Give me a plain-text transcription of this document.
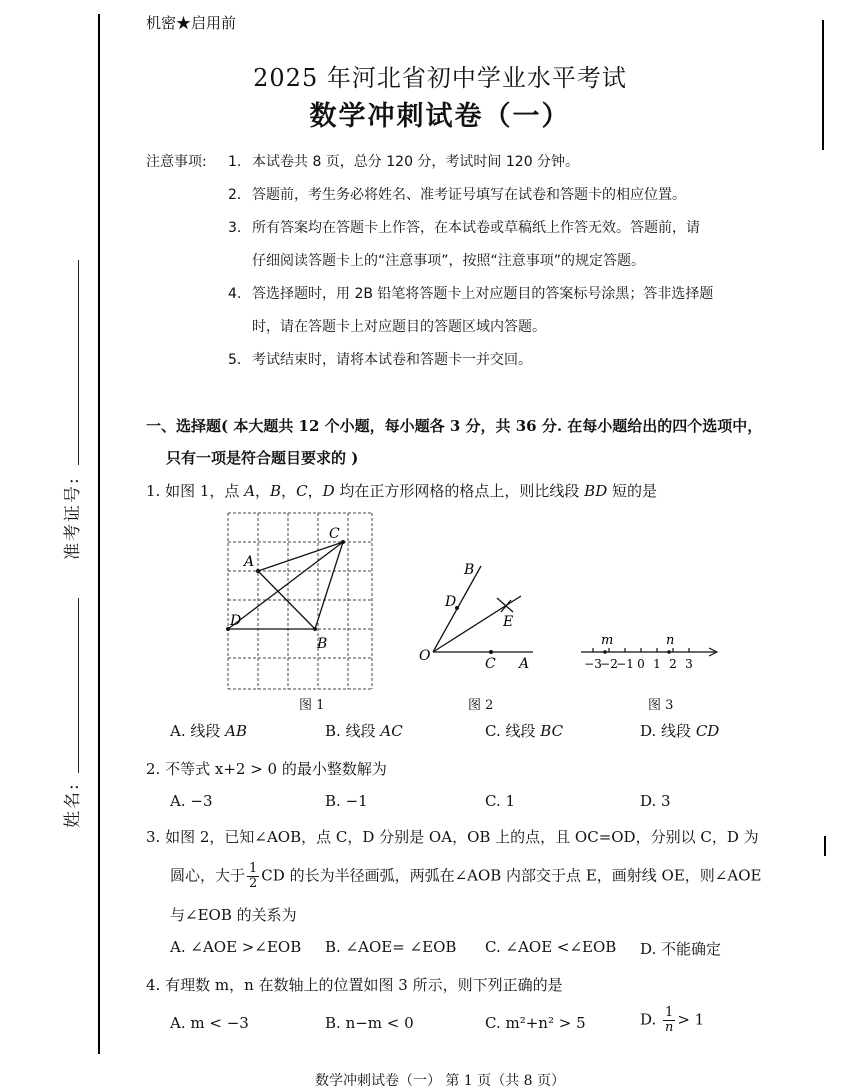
准考证号:
姓名:
机密★启用前
2025 年河北省初中学业水平考试
数学冲刺试卷（一）
注意事项:	1. 本试卷共 8 页，总分 120 分，考试时间 120 分钟。
2. 答题前，考生务必将姓名、准考证号填写在试卷和答题卡的相应位置。
3. 所有答案均在答题卡上作答，在本试卷或草稿纸上作答无效。答题前，请
仔细阅读答题卡上的“注意事项”，按照“注意事项”的规定答题。
4. 答选择题时，用 2B 铅笔将答题卡上对应题目的答案标号涂黑；答非选择题
时，请在答题卡上对应题目的答题区域内答题。
5. 考试结束时，请将本试卷和答题卡一并交回。
一、选择题( 本大题共 12 个小题，每小题各 3 分，共 36 分. 在每小题给出的四个选项中，
只有一项是符合题目要求的 )
1. 如图 1，点 A，B，C，D 均在正方形网格的格点上，则比线段 BD 短的是
A
C
B
D
图 1
O	C A
B
D
E
图 2
m	n
−3
−2
−1 0 1 2 3
图 3
A. 线段 AB	B. 线段 AC	C. 线段 BC	D. 线段 CD
2. 不等式 x+2 > 0 的最小整数解为
A. −3	B. −1	C. 1	D. 3
3. 如图 2，已知∠AOB，点 C，D 分别是 OA，OB 上的点，且 OC=OD，分别以 C，D 为
圆心，大于 $\frac{1}{2}$ CD 的长为半径画弧，两弧在∠AOB 内部交于点 E，画射线 OE，则∠AOE
与∠EOB 的关系为
A. ∠AOE >∠EOB B. ∠AOE= ∠EOB C. ∠AOE <∠EOB D. 不能确定
4. 有理数 m，n 在数轴上的位置如图 3 所示，则下列正确的是
A. m < −3	B. n−m < 0	C. m²+n² > 5	D. $\frac{1}{n} > 1$
数学冲刺试卷（一） 第 1 页（共 8 页）
